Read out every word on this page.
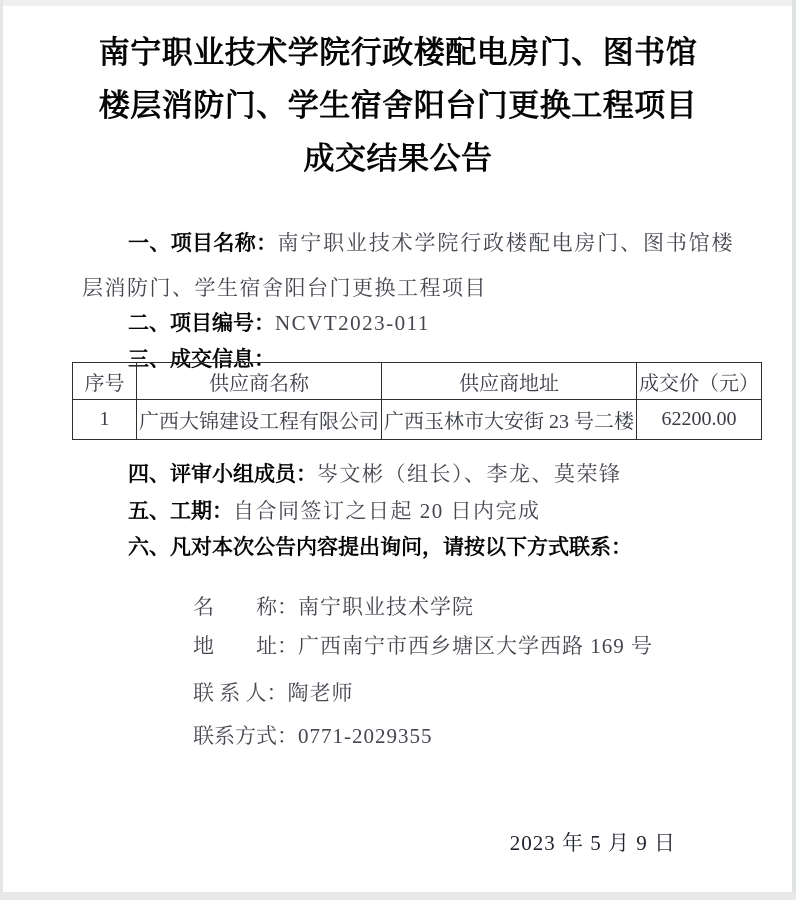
南宁职业技术学院行政楼配电房门、图书馆
楼层消防门、学生宿舍阳台门更换工程项目
成交结果公告
一、项目名称：南宁职业技术学院行政楼配电房门、图书馆楼层消防门、学生宿舍阳台门更换工程项目
二、项目编号：NCVT2023-011
三、成交信息：
序号	供应商名称	供应商地址	成交价（元）
1	广西大锦建设工程有限公司	广西玉林市大安街 23 号二楼	62200.00
四、评审小组成员：岑文彬（组长）、李龙、莫荣锋
五、工期：自合同签订之日起 20 日内完成
六、凡对本次公告内容提出询问，请按以下方式联系：

名　　称：南宁职业技术学院

地　　址：广西南宁市西乡塘区大学西路 169 号

联 系 人：陶老师

联系方式：0771-2029355

2023 年 5 月 9 日
